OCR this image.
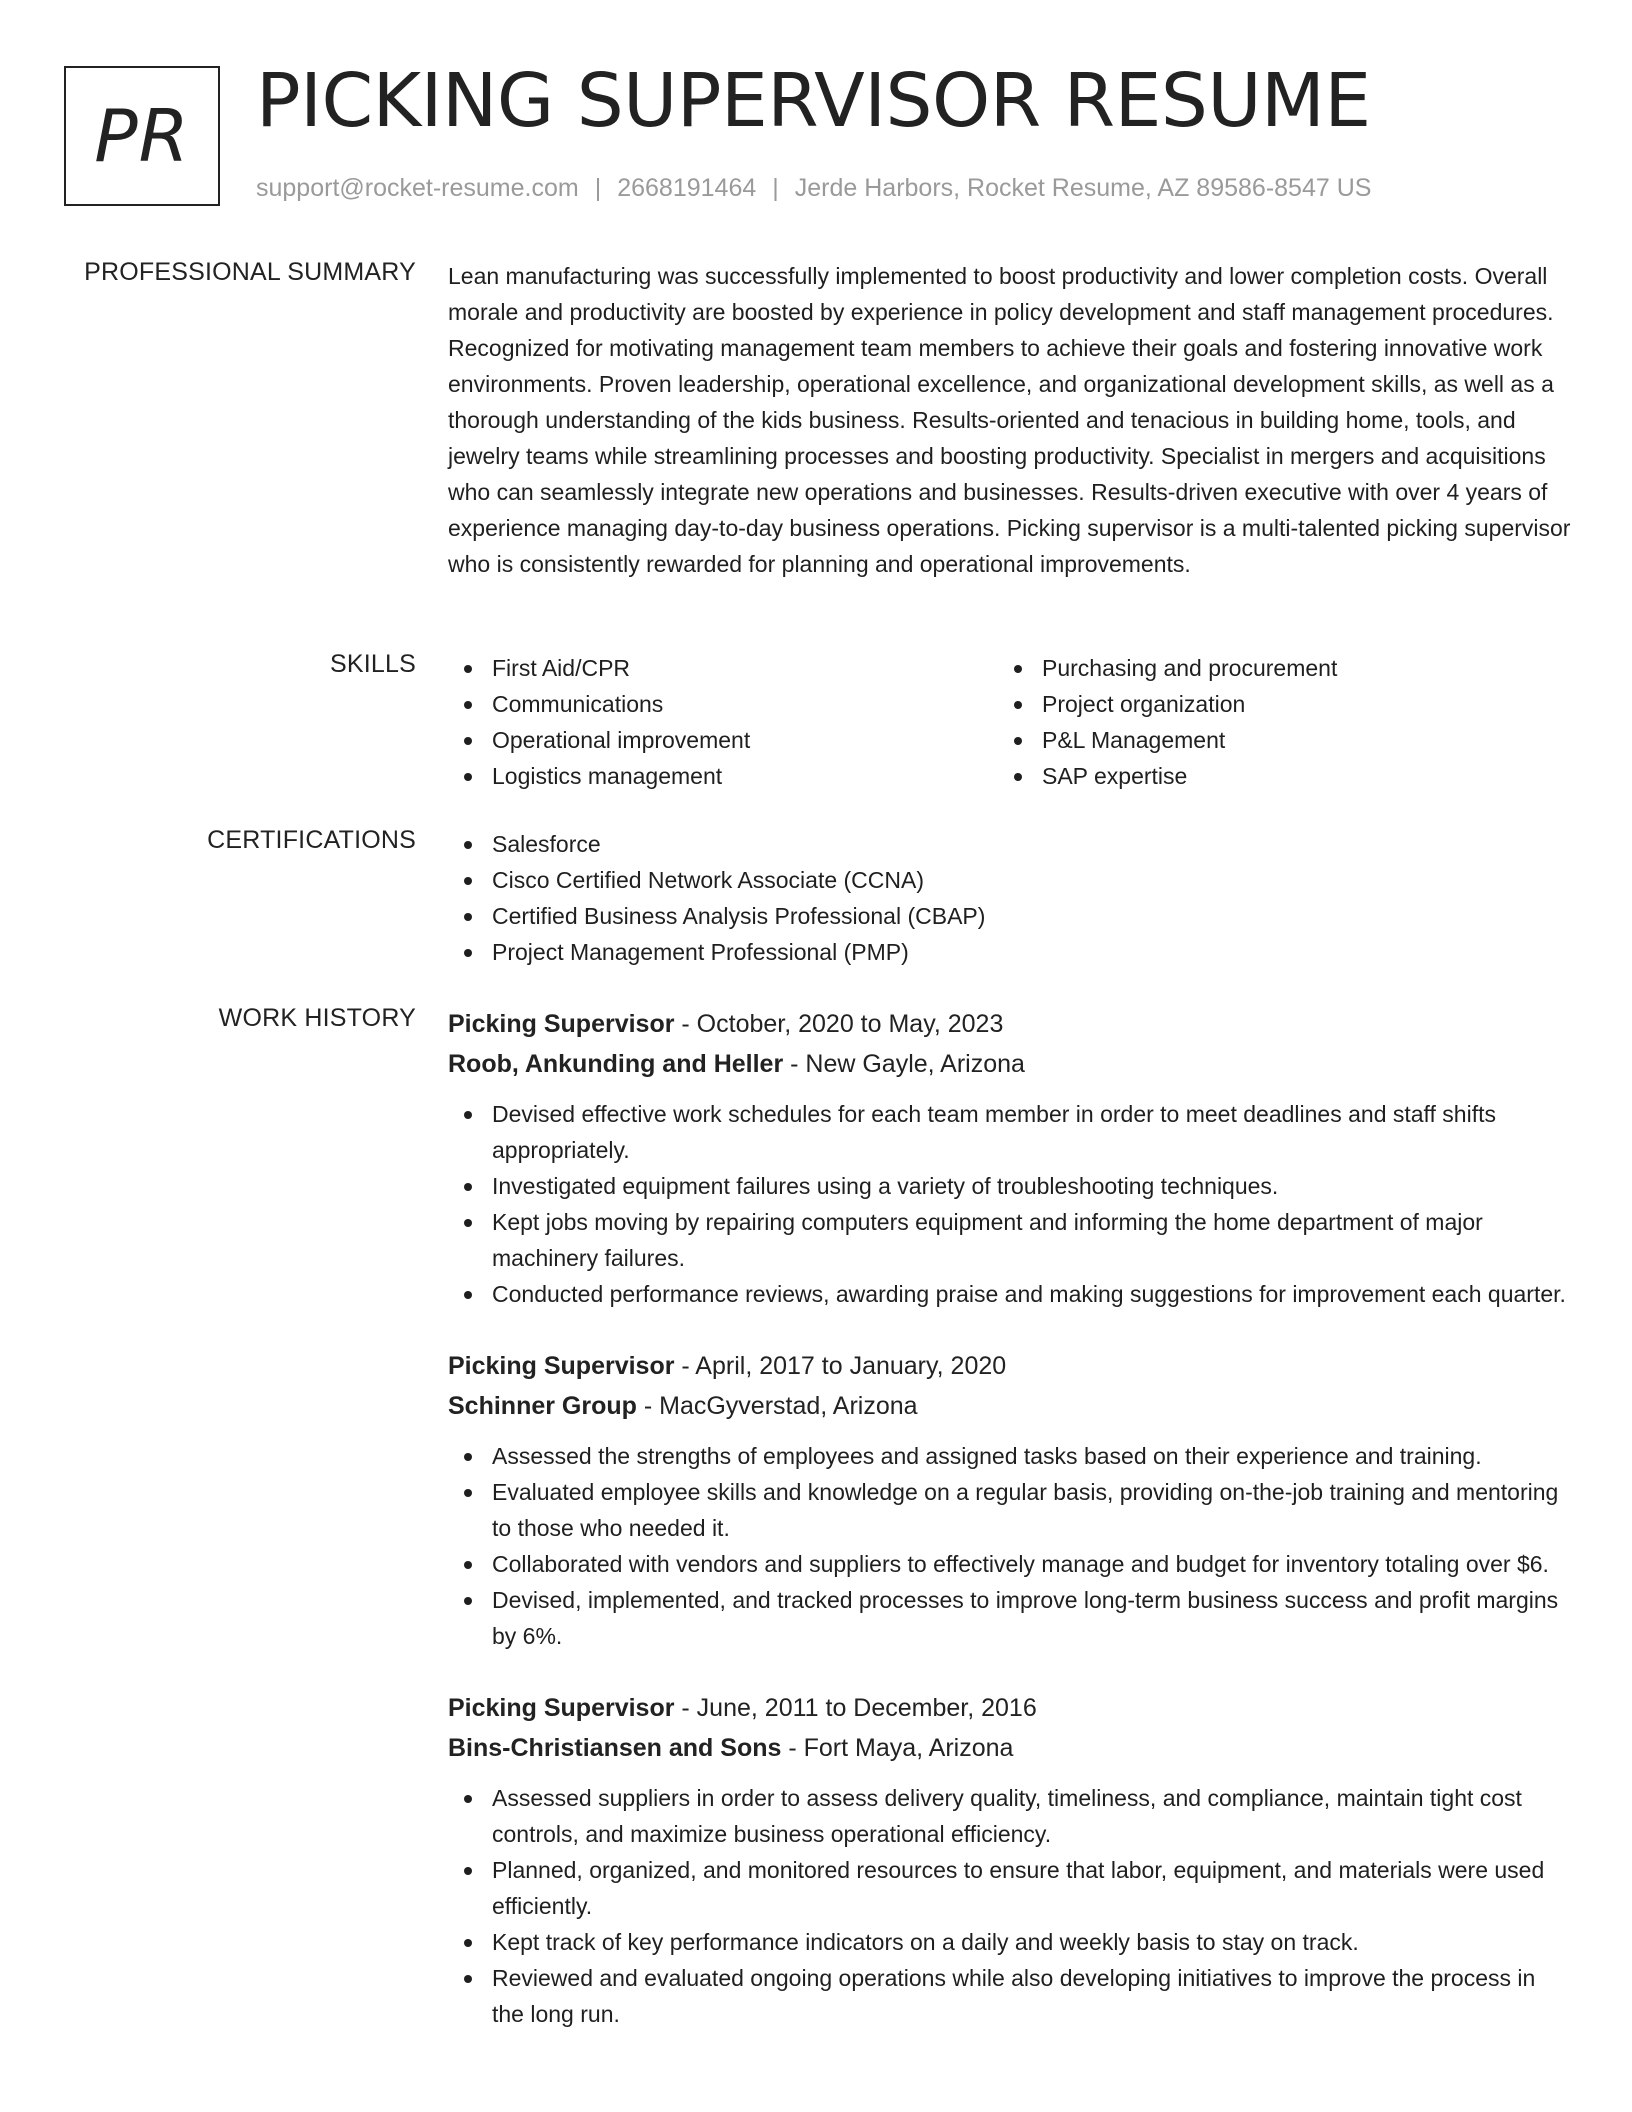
PR PICKING SUPERVISOR RESUME
support@rocket-resume.com | 2668191464 | Jerde Harbors, Rocket Resume, AZ 89586-8547 US
PROFESSIONAL SUMMARY Lean manufacturing was successfully implemented to boost productivity and lower completion costs. Overall morale and productivity are boosted by experience in policy development and staff management procedures. Recognized for motivating management team members to achieve their goals and fostering innovative work environments. Proven leadership, operational excellence, and organizational development skills, as well as a thorough understanding of the kids business. Results-oriented and tenacious in building home, tools, and jewelry teams while streamlining processes and boosting productivity. Specialist in mergers and acquisitions who can seamlessly integrate new operations and businesses. Results-driven executive with over 4 years of experience managing day-to-day business operations. Picking supervisor is a multi-talented picking supervisor who is consistently rewarded for planning and operational improvements.

SKILLS	First Aid/CPR
Communications
Operational improvement
Logistics management
Purchasing and procurement
Project organization
P&L Management
SAP expertise
CERTIFICATIONS	Salesforce
Cisco Certified Network Associate (CCNA)
Certified Business Analysis Professional (CBAP)
Project Management Professional (PMP)
WORK HISTORY Picking Supervisor - October, 2020 to May, 2023
Roob, Ankunding and Heller - New Gayle, Arizona
Devised effective work schedules for each team member in order to meet deadlines and staff shifts appropriately.
Investigated equipment failures using a variety of troubleshooting techniques.
Kept jobs moving by repairing computers equipment and informing the home department of major machinery failures.
Conducted performance reviews, awarding praise and making suggestions for improvement each quarter.
Picking Supervisor - April, 2017 to January, 2020
Schinner Group - MacGyverstad, Arizona
Assessed the strengths of employees and assigned tasks based on their experience and training.
Evaluated employee skills and knowledge on a regular basis, providing on-the-job training and mentoring to those who needed it.
Collaborated with vendors and suppliers to effectively manage and budget for inventory totaling over $6.
Devised, implemented, and tracked processes to improve long-term business success and profit margins by 6%.
Picking Supervisor - June, 2011 to December, 2016
Bins-Christiansen and Sons - Fort Maya, Arizona
Assessed suppliers in order to assess delivery quality, timeliness, and compliance, maintain tight cost controls, and maximize business operational efficiency.
Planned, organized, and monitored resources to ensure that labor, equipment, and materials were used efficiently.
Kept track of key performance indicators on a daily and weekly basis to stay on track.
Reviewed and evaluated ongoing operations while also developing initiatives to improve the process in the long run.
